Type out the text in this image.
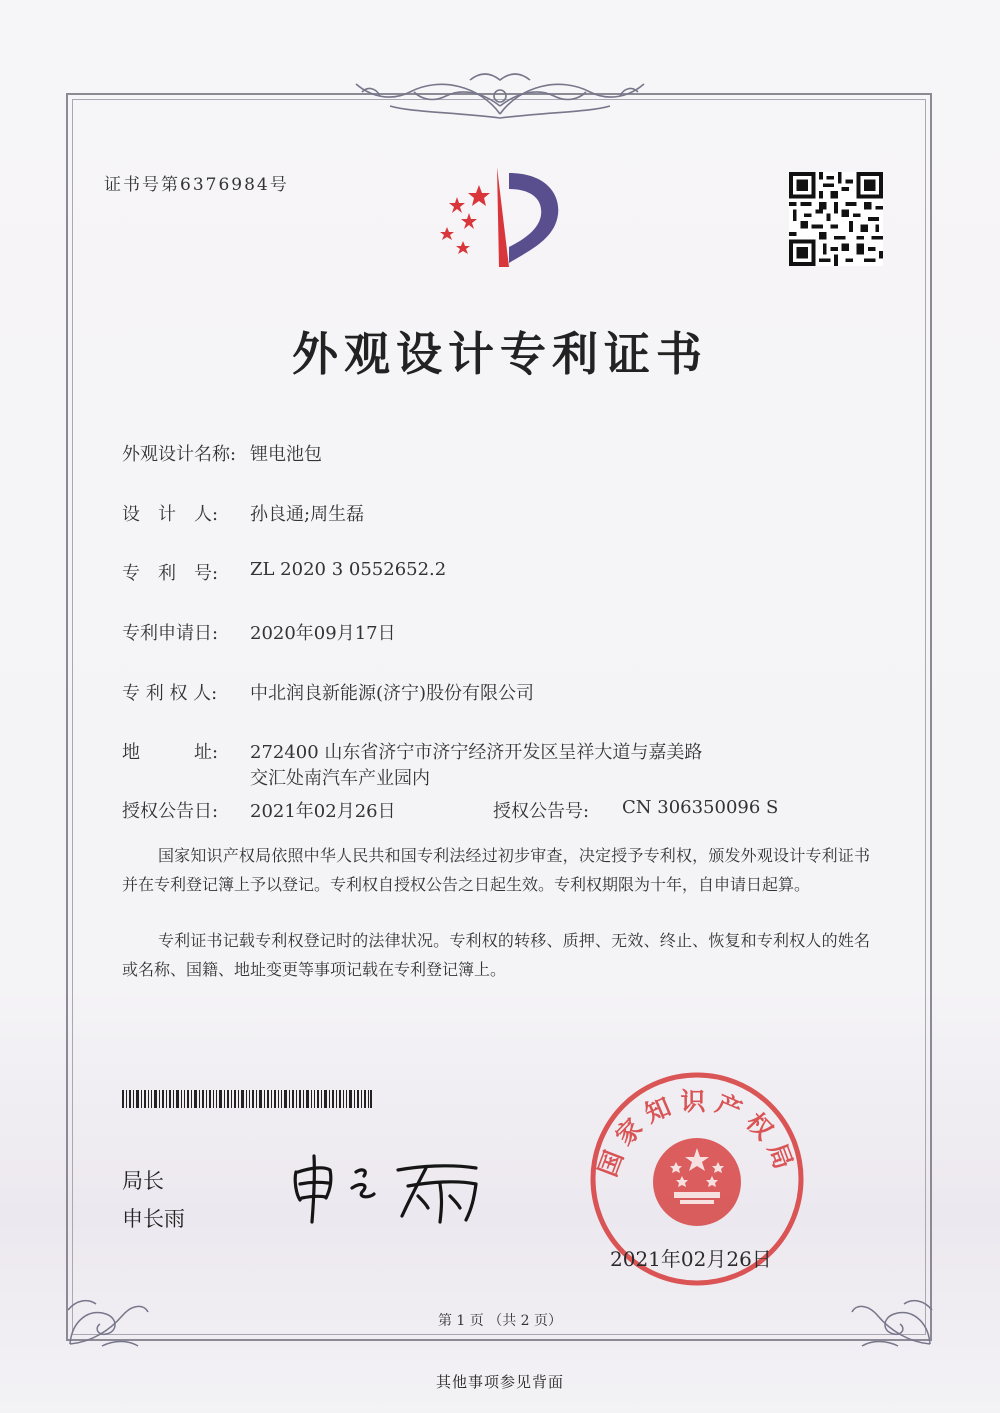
证书号第6376984号
外观设计专利证书
外观设计名称: 锂电池包
设　计　人: 孙良通;周生磊
专　利　号: ZL 2020 3 0552652.2
专利申请日: 2020年09月17日
专 利 权 人: 中北润良新能源(济宁)股份有限公司
地　　　址: 272400 山东省济宁市济宁经济开发区呈祥大道与嘉美路
交汇处南汽车产业园内
授权公告日: 2021年02月26日	授权公告号: CN 306350096 S
国家知识产权局依照中华人民共和国专利法经过初步审查，决定授予专利权，颁发外观设计专利证书并在专利登记簿上予以登记。专利权自授权公告之日起生效。专利权期限为十年，自申请日起算。
专利证书记载专利权登记时的法律状况。专利权的转移、质押、无效、终止、恢复和专利权人的姓名或名称、国籍、地址变更等事项记载在专利登记簿上。
局长
申长雨
国家知识产权局
2021年02月26日
第 1 页 （共 2 页）
其他事项参见背面
